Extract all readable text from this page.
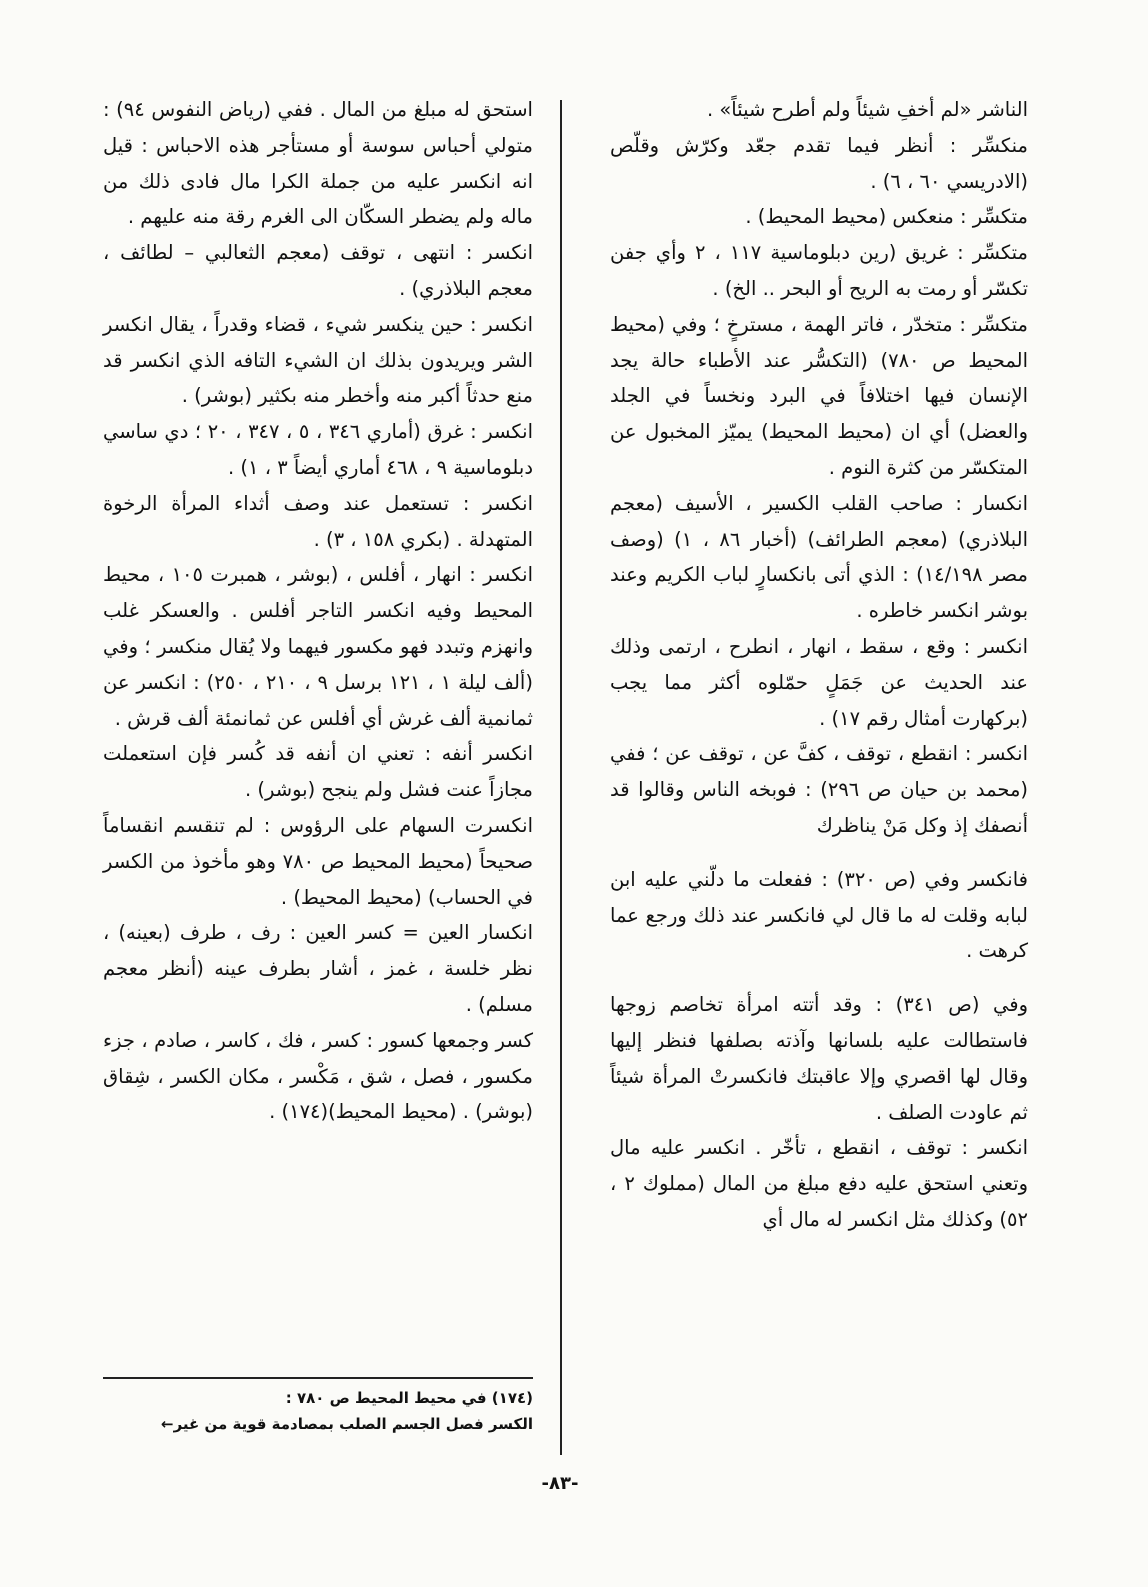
الناشر «لم أخفِ شيئاً ولم أطرح شيئاً» .

منكسِّر : أنظر فيما تقدم جعّد وكرّش وقلّص (الادريسي ٦٠ ، ٦) .

متكسِّر : منعكس (محيط المحيط) .

متكسِّر : غريق (رين دبلوماسية ١١٧ ، ٢ وأي جفن تكسّر أو رمت به الريح أو البحر .. الخ) .

متكسِّر : متخدّر ، فاتر الهمة ، مسترخٍ ؛ وفي (محيط المحيط ص ٧٨٠) (التكسُّر عند الأطباء حالة يجد الإنسان فيها اختلافاً في البرد ونخساً في الجلد والعضل) أي ان (محيط المحيط) يميّز المخبول عن المتكسّر من كثرة النوم .

انكسار : صاحب القلب الكسير ، الأسيف (معجم البلاذري) (معجم الطرائف) (أخبار ٨٦ ، ١) (وصف مصر ١٤/١٩٨) : الذي أتى بانكسارٍ لباب الكريم وعند بوشر انكسر خاطره .

انكسر : وقع ، سقط ، انهار ، انطرح ، ارتمى وذلك عند الحديث عن جَمَلٍ حمّلوه أكثر مما يجب (بركهارت أمثال رقم ١٧) .

انكسر : انقطع ، توقف ، كفَّ عن ، توقف عن ؛ ففي (محمد بن حيان ص ٢٩٦) : فوبخه الناس وقالوا قد أنصفك إذ وكل مَنْ يناظرك

فانكسر وفي (ص ٣٢٠) : ففعلت ما دلّني عليه ابن لبابه وقلت له ما قال لي فانكسر عند ذلك ورجع عما كرهت .

وفي (ص ٣٤١) : وقد أتته امرأة تخاصم زوجها فاستطالت عليه بلسانها وآذته بصلفها فنظر إليها وقال لها اقصري وإلا عاقبتك فانكسرتْ المرأة شيئاً ثم عاودت الصلف .

انكسر : توقف ، انقطع ، تأخّر . انكسر عليه مال وتعني استحق عليه دفع مبلغ من المال (مملوك ٢ ، ٥٢) وكذلك مثل انكسر له مال أي

استحق له مبلغ من المال . ففي (رياض النفوس ٩٤) : متولي أحباس سوسة أو مستأجر هذه الاحباس : قيل انه انكسر عليه من جملة الكرا مال فادى ذلك من ماله ولم يضطر السكّان الى الغرم رقة منه عليهم .

انكسر : انتهى ، توقف (معجم الثعالبي – لطائف ، معجم البلاذري) .

انكسر : حين ينكسر شيء ، قضاء وقدراً ، يقال انكسر الشر ويريدون بذلك ان الشيء التافه الذي انكسر قد منع حدثاً أكبر منه وأخطر منه بكثير (بوشر) .

انكسر : غرق (أماري ٣٤٦ ، ٥ ، ٣٤٧ ، ٢٠ ؛ دي ساسي دبلوماسية ٩ ، ٤٦٨ أماري أيضاً ٣ ، ١) .

انكسر : تستعمل عند وصف أثداء المرأة الرخوة المتهدلة . (بكري ١٥٨ ، ٣) .

انكسر : انهار ، أفلس ، (بوشر ، همبرت ١٠٥ ، محيط المحيط وفيه انكسر التاجر أفلس . والعسكر غلب وانهزم وتبدد فهو مكسور فيهما ولا يُقال منكسر ؛ وفي (ألف ليلة ١ ، ١٢١ برسل ٩ ، ٢١٠ ، ٢٥٠) : انكسر عن ثمانمية ألف غرش أي أفلس عن ثمانمئة ألف قرش .

انكسر أنفه : تعني ان أنفه قد كُسر فإن استعملت مجازاً عنت فشل ولم ينجح (بوشر) .

انكسرت السهام على الرؤوس : لم تنقسم انقساماً صحيحاً (محيط المحيط ص ٧٨٠ وهو مأخوذ من الكسر في الحساب) (محيط المحيط) .

انكسار العين = كسر العين : رف ، طرف (بعينه) ، نظر خلسة ، غمز ، أشار بطرف عينه (أنظر معجم مسلم) .

كسر وجمعها كسور : كسر ، فك ، كاسر ، صادم ، جزء مكسور ، فصل ، شق ، مَكْسر ، مكان الكسر ، شِقاق (بوشر) . (محيط المحيط)(١٧٤) .

(١٧٤) في محيط المحيط ص ٧٨٠ :

الكسر فصل الجسم الصلب بمصادمة قوية من غير←

-٨٣-
